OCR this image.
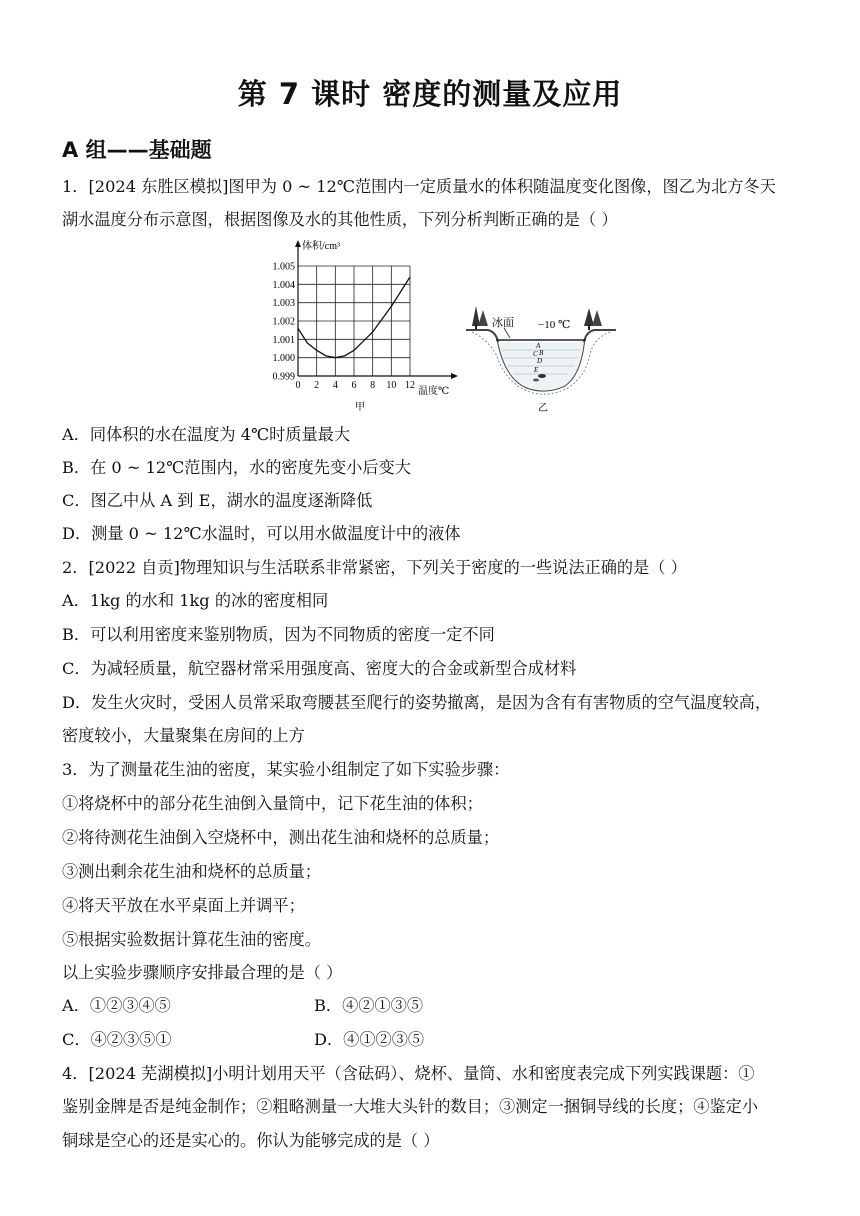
第 7 课时 密度的测量及应用
A 组——基础题
1．[2024 东胜区模拟]图甲为 0 ~ 12℃范围内一定质量水的体积随温度变化图像，图乙为北方冬天
湖水温度分布示意图，根据图像及水的其他性质，下列分析判断正确的是（ ）
0 2 4 6 8 10 12
1.005
1.004
1.003
1.002
1.001
1.000
0.999
体积/cm³
温度℃
甲
冰面 −10 ℃
A
B
C
D
E
乙
A．同体积的水在温度为 4℃时质量最大
B．在 0 ~ 12℃范围内，水的密度先变小后变大
C．图乙中从 A 到 E，湖水的温度逐渐降低
D．测量 0 ~ 12℃水温时，可以用水做温度计中的液体
2．[2022 自贡]物理知识与生活联系非常紧密，下列关于密度的一些说法正确的是（ ）
A．1kg 的水和 1kg 的冰的密度相同
B．可以利用密度来鉴别物质，因为不同物质的密度一定不同
C．为减轻质量，航空器材常采用强度高、密度大的合金或新型合成材料
D．发生火灾时，受困人员常采取弯腰甚至爬行的姿势撤离，是因为含有有害物质的空气温度较高，
密度较小，大量聚集在房间的上方
3．为了测量花生油的密度，某实验小组制定了如下实验步骤：
①将烧杯中的部分花生油倒入量筒中，记下花生油的体积；
②将待测花生油倒入空烧杯中，测出花生油和烧杯的总质量；
③测出剩余花生油和烧杯的总质量；
④将天平放在水平桌面上并调平；
⑤根据实验数据计算花生油的密度。
以上实验步骤顺序安排最合理的是（ ）
A．①②③④⑤	B．④②①③⑤
C．④②③⑤①	D．④①②③⑤
4．[2024 芜湖模拟]小明计划用天平（含砝码）、烧杯、量筒、水和密度表完成下列实践课题：①
鉴别金牌是否是纯金制作；②粗略测量一大堆大头针的数目；③测定一捆铜导线的长度；④鉴定小
铜球是空心的还是实心的。你认为能够完成的是（ ）
